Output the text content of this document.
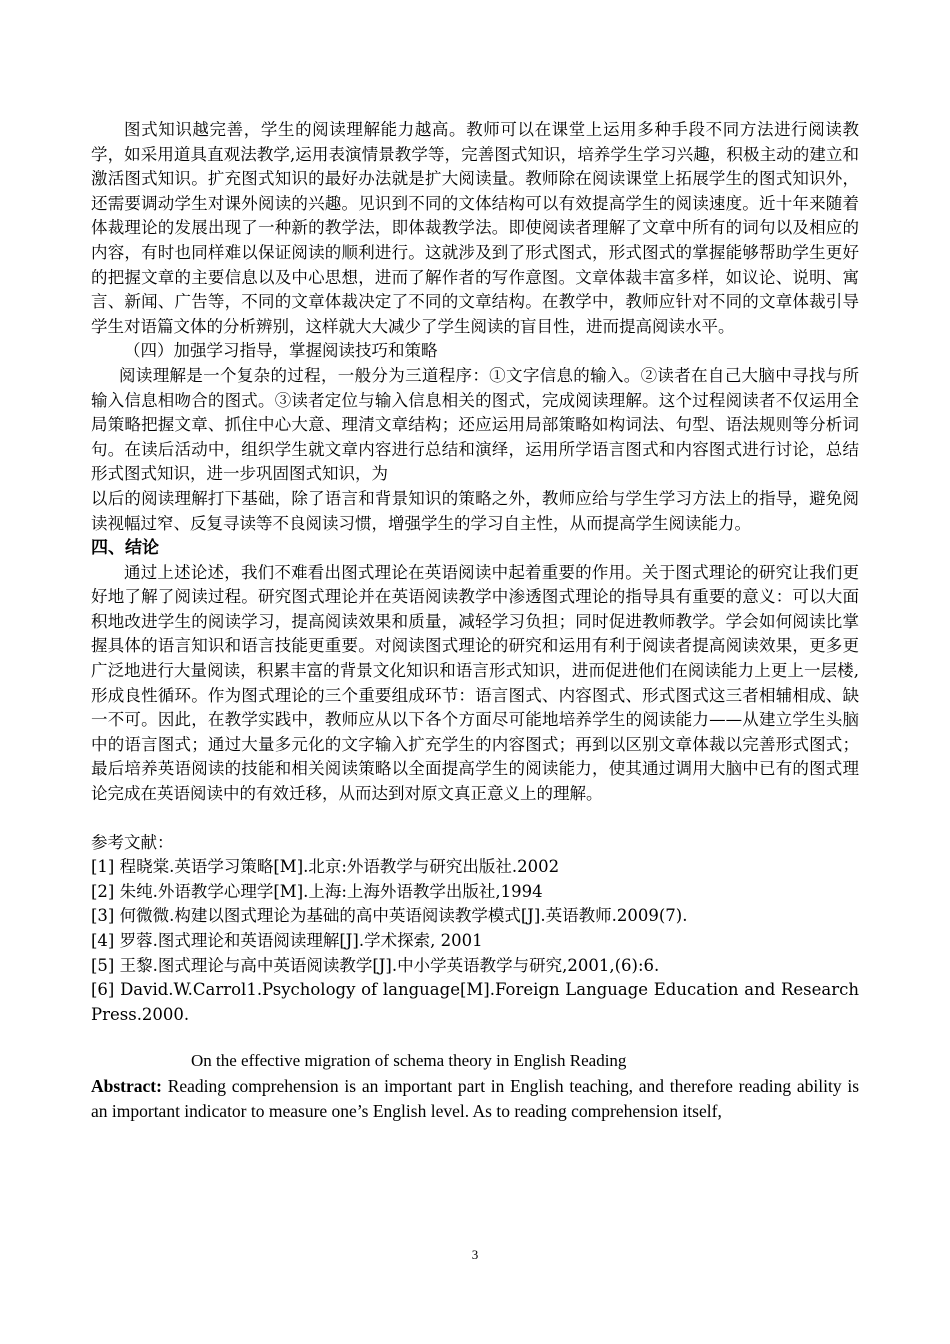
图式知识越完善，学生的阅读理解能力越高。教师可以在课堂上运用多种手段不同方法进行阅读教学，如采用道具直观法教学,运用表演情景教学等，完善图式知识，培养学生学习兴趣，积极主动的建立和激活图式知识。扩充图式知识的最好办法就是扩大阅读量。教师除在阅读课堂上拓展学生的图式知识外，还需要调动学生对课外阅读的兴趣。见识到不同的文体结构可以有效提高学生的阅读速度。近十年来随着体裁理论的发展出现了一种新的教学法，即体裁教学法。即使阅读者理解了文章中所有的词句以及相应的内容，有时也同样难以保证阅读的顺利进行。这就涉及到了形式图式，形式图式的掌握能够帮助学生更好的把握文章的主要信息以及中心思想，进而了解作者的写作意图。文章体裁丰富多样，如议论、说明、寓言、新闻、广告等，不同的文章体裁决定了不同的文章结构。在教学中，教师应针对不同的文章体裁引导学生对语篇文体的分析辨别，这样就大大减少了学生阅读的盲目性，进而提高阅读水平。

（四）加强学习指导，掌握阅读技巧和策略

阅读理解是一个复杂的过程，一般分为三道程序：①文字信息的输入。②读者在自己大脑中寻找与所输入信息相吻合的图式。③读者定位与输入信息相关的图式，完成阅读理解。这个过程阅读者不仅运用全局策略把握文章、抓住中心大意、理清文章结构；还应运用局部策略如构词法、句型、语法规则等分析词句。在读后活动中，组织学生就文章内容进行总结和演绎，运用所学语言图式和内容图式进行讨论，总结形式图式知识，进一步巩固图式知识，为

以后的阅读理解打下基础，除了语言和背景知识的策略之外，教师应给与学生学习方法上的指导，避免阅读视幅过窄、反复寻读等不良阅读习惯，增强学生的学习自主性，从而提高学生阅读能力。

四、结论

通过上述论述，我们不难看出图式理论在英语阅读中起着重要的作用。关于图式理论的研究让我们更好地了解了阅读过程。研究图式理论并在英语阅读教学中渗透图式理论的指导具有重要的意义：可以大面积地改进学生的阅读学习，提高阅读效果和质量，减轻学习负担；同时促进教师教学。学会如何阅读比掌握具体的语言知识和语言技能更重要。对阅读图式理论的研究和运用有利于阅读者提高阅读效果，更多更广泛地进行大量阅读，积累丰富的背景文化知识和语言形式知识，进而促进他们在阅读能力上更上一层楼,形成良性循环。作为图式理论的三个重要组成环节：语言图式、内容图式、形式图式这三者相辅相成、缺一不可。因此，在教学实践中，教师应从以下各个方面尽可能地培养学生的阅读能力——从建立学生头脑中的语言图式；通过大量多元化的文字输入扩充学生的内容图式；再到以区别文章体裁以完善形式图式；最后培养英语阅读的技能和相关阅读策略以全面提高学生的阅读能力，使其通过调用大脑中已有的图式理论完成在英语阅读中的有效迁移，从而达到对原文真正意义上的理解。

参考文献：

[1] 程晓棠.英语学习策略[M].北京:外语教学与研究出版社.2002

[2] 朱纯.外语教学心理学[M].上海:上海外语教学出版社,1994

[3] 何微微.构建以图式理论为基础的高中英语阅读教学模式[J].英语教师.2009(7).

[4] 罗蓉.图式理论和英语阅读理解[J].学术探索, 2001

[5] 王黎.图式理论与高中英语阅读教学[J].中小学英语教学与研究,2001,(6):6.

[6] David.W.Carrol1.Psychology of language[M].Foreign Language Education and Research Press.2000.

On the effective migration of schema theory in English Reading

Abstract: Reading comprehension is an important part in English teaching, and therefore reading ability is an important indicator to measure one’s English level. As to reading comprehension itself,

3
